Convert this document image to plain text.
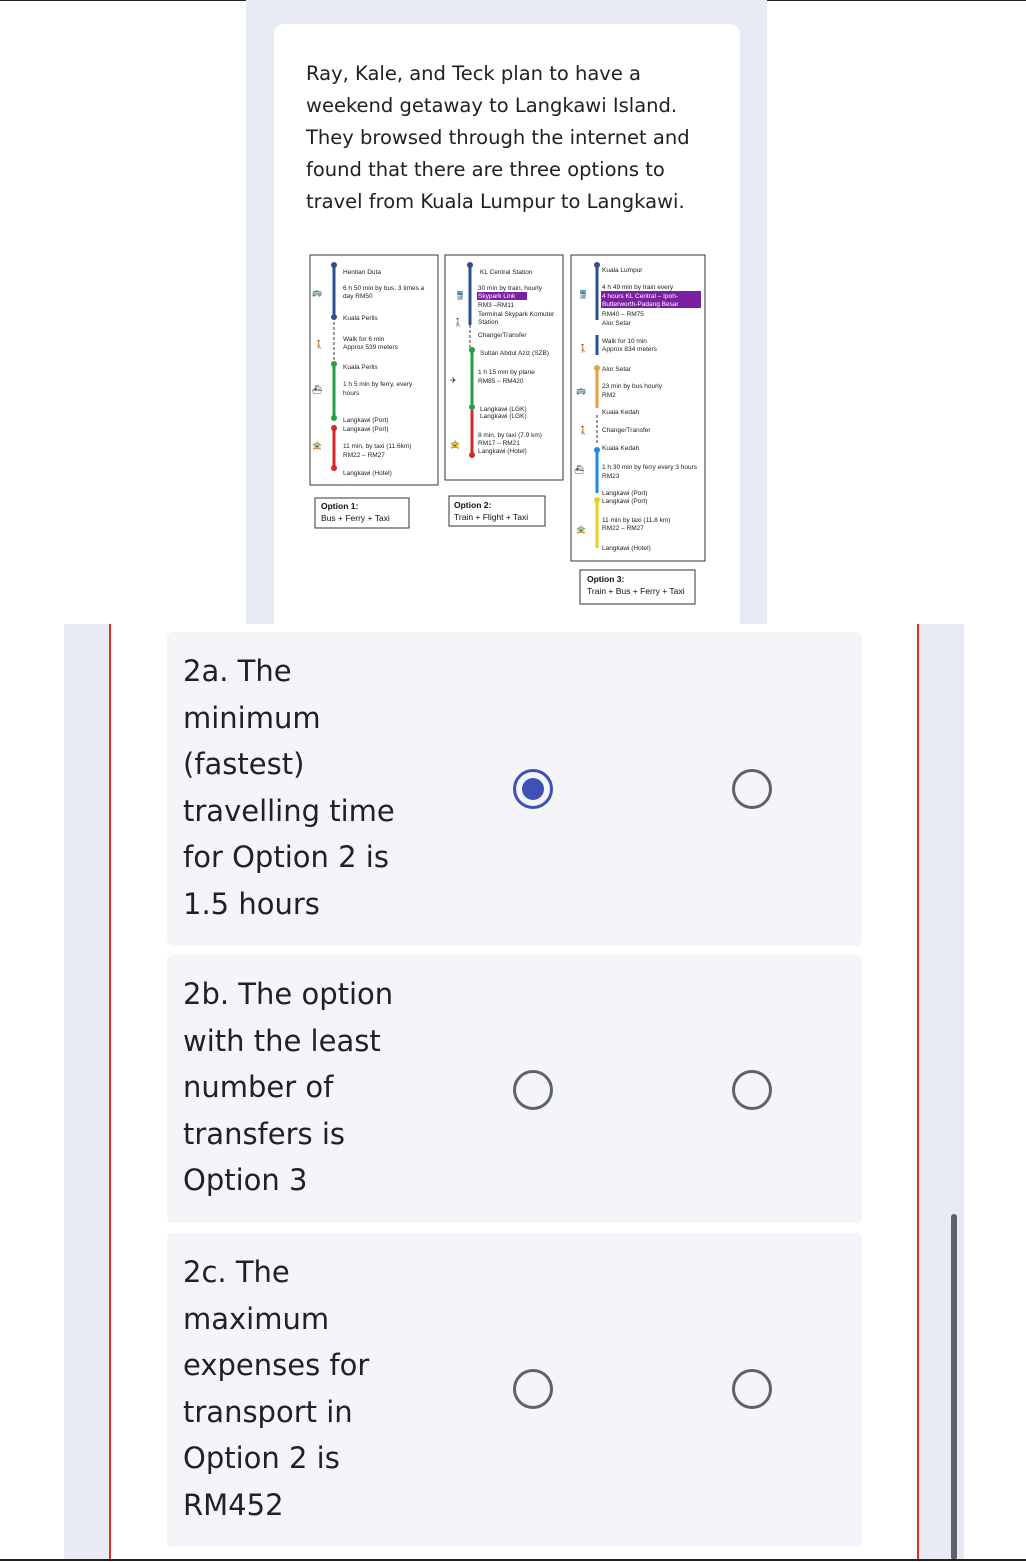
Ray, Kale, and Teck plan to have a weekend getaway to Langkawi Island. They browsed through the internet and found that there are three options to travel from Kuala Lumpur to Langkawi.
Hentian Duta
6 h 50 min by bus, 3 times a
day RM50
Kuala Perlis
Walk for 6 min
Approx 539 meters
Kuala Perlis
1 h 5 min by ferry, every
hours
Langkawi (Port)
Langkawi (Port)
11 min, by taxi (11.6km)
RM22 – RM27
Langkawi (Hotel)
🚌
🚶
⛴
🚖
Option 1:
Bus + Ferry + Taxi
KL Central Station
30 min by train, hourly
Skypark Link
RM3 –RM11
Terminal Skypark Komuter
Station
Change/Transfer
Sultan Abdul Aziz (SZB)
1 h 15 min by plane
RM85 – RM420
Langkawi (LGK)
Langkawi (LGK)
8 min, by taxi (7.9 km)
RM17 – RM21
Langkawi (Hotel)
🚆
🚶
✈
🚖
Option 2:
Train + Flight + Taxi
Kuala Lumpur
4 h 49 min by train every
4 hours KL Central – Ipoh-
Butterworth-Padang Besar
RM40 – RM75
Alor Setar
Walk for 10 min
Approx 834 meters
Alor Setar
23 min by bus hourly
RM2
Kuala Kedah
Change/Transfer
Kuala Kedah
1 h 30 min by ferry every 3 hours
RM23
Langkawi (Port)
Langkawi (Port)
11 min by taxi (11.8 km)
RM22 – RM27
Langkawi (Hotel)
🚆
🚶
🚌
🚶
⛴
🚖
Option 3:
Train + Bus + Ferry + Taxi
2a. The minimum (fastest) travelling time for Option 2 is 1.5 hours
2b. The option with the least number of transfers is Option 3
2c. The maximum expenses for transport in Option 2 is RM452
